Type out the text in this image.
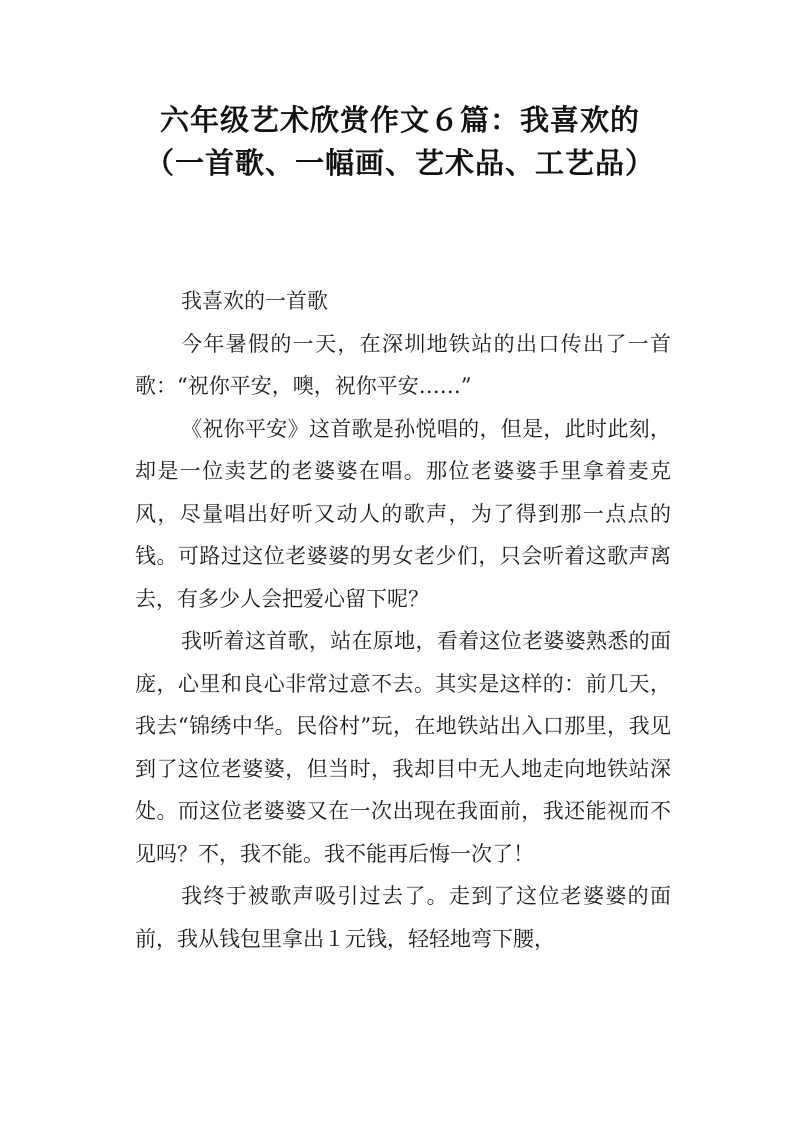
六年级艺术欣赏作文６篇：我喜欢的
（一首歌、一幅画、艺术品、工艺品）

我喜欢的一首歌

今年暑假的一天，在深圳地铁站的出口传出了一首歌：“祝你平安，噢，祝你平安……”

《祝你平安》这首歌是孙悦唱的，但是，此时此刻，却是一位卖艺的老婆婆在唱。那位老婆婆手里拿着麦克风，尽量唱出好听又动人的歌声，为了得到那一点点的钱。可路过这位老婆婆的男女老少们，只会听着这歌声离去，有多少人会把爱心留下呢？

我听着这首歌，站在原地，看着这位老婆婆熟悉的面庞，心里和良心非常过意不去。其实是这样的：前几天，我去“锦绣中华。民俗村”玩，在地铁站出入口那里，我见到了这位老婆婆，但当时，我却目中无人地走向地铁站深处。而这位老婆婆又在一次出现在我面前，我还能视而不见吗？不，我不能。我不能再后悔一次了！

我终于被歌声吸引过去了。走到了这位老婆婆的面前，我从钱包里拿出１元钱，轻轻地弯下腰，
